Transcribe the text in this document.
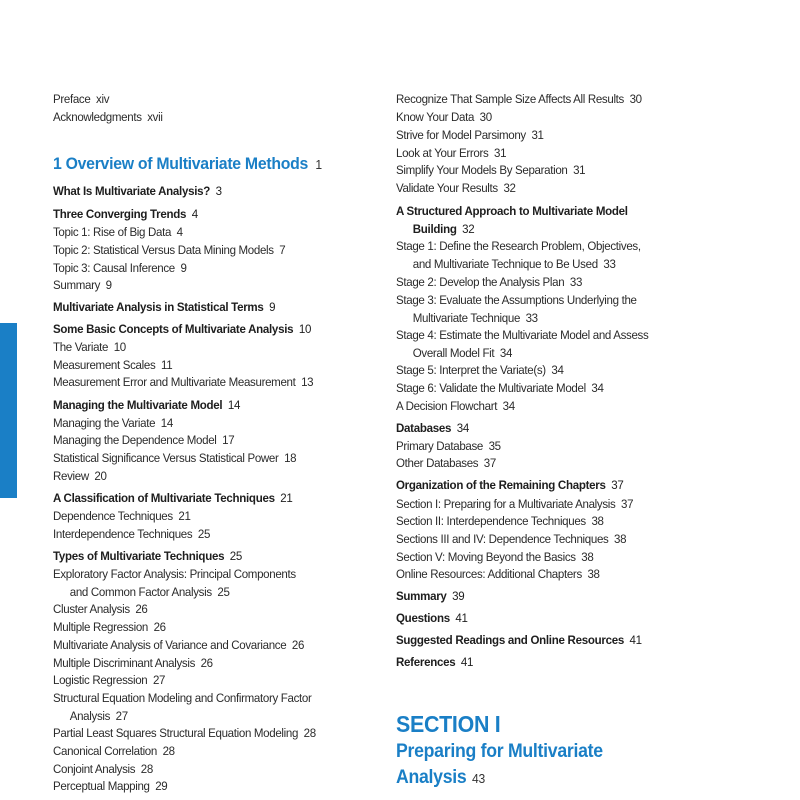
Preface xiv
Acknowledgments xvii
1 Overview of Multivariate Methods 1
What Is Multivariate Analysis? 3
Three Converging Trends 4
Topic 1: Rise of Big Data 4
Topic 2: Statistical Versus Data Mining Models 7
Topic 3: Causal Inference 9
Summary 9
Multivariate Analysis in Statistical Terms 9
Some Basic Concepts of Multivariate Analysis 10
The Variate 10
Measurement Scales 11
Measurement Error and Multivariate Measurement 13
Managing the Multivariate Model 14
Managing the Variate 14
Managing the Dependence Model 17
Statistical Significance Versus Statistical Power 18
Review 20
A Classification of Multivariate Techniques 21
Dependence Techniques 21
Interdependence Techniques 25
Types of Multivariate Techniques 25
Exploratory Factor Analysis: Principal Components
and Common Factor Analysis 25
Cluster Analysis 26
Multiple Regression 26
Multivariate Analysis of Variance and Covariance 26
Multiple Discriminant Analysis 26
Logistic Regression 27
Structural Equation Modeling and Confirmatory Factor
Analysis 27
Partial Least Squares Structural Equation Modeling 28
Canonical Correlation 28
Conjoint Analysis 28
Perceptual Mapping 29
Recognize That Sample Size Affects All Results 30
Know Your Data 30
Strive for Model Parsimony 31
Look at Your Errors 31
Simplify Your Models By Separation 31
Validate Your Results 32
A Structured Approach to Multivariate Model
Building 32
Stage 1: Define the Research Problem, Objectives,
and Multivariate Technique to Be Used 33
Stage 2: Develop the Analysis Plan 33
Stage 3: Evaluate the Assumptions Underlying the
Multivariate Technique 33
Stage 4: Estimate the Multivariate Model and Assess
Overall Model Fit 34
Stage 5: Interpret the Variate(s) 34
Stage 6: Validate the Multivariate Model 34
A Decision Flowchart 34
Databases 34
Primary Database 35
Other Databases 37
Organization of the Remaining Chapters 37
Section I: Preparing for a Multivariate Analysis 37
Section II: Interdependence Techniques 38
Sections III and IV: Dependence Techniques 38
Section V: Moving Beyond the Basics 38
Online Resources: Additional Chapters 38
Summary 39
Questions 41
Suggested Readings and Online Resources 41
References 41
SECTION I
Preparing for Multivariate
Analysis 43
